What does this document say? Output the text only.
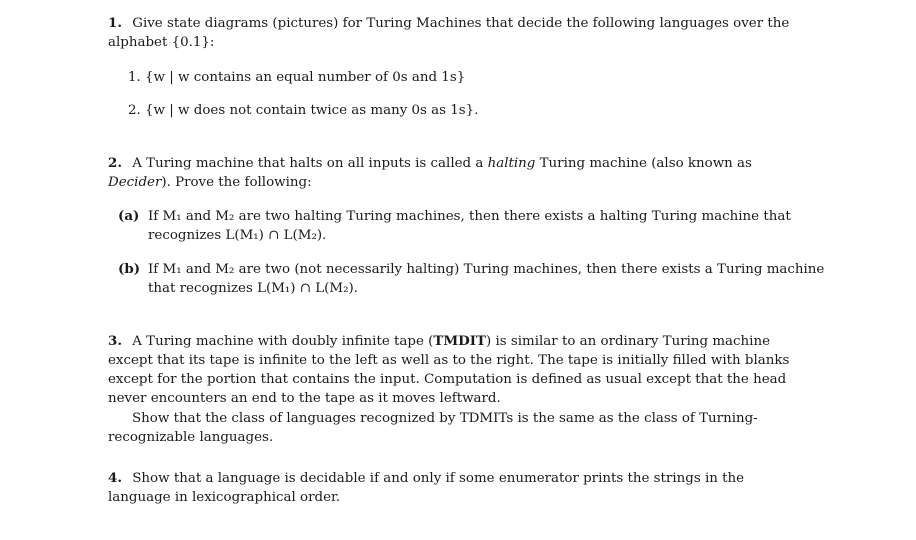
1. Give state diagrams (pictures) for Turing Machines that decide the following languages over the alphabet {0.1}:
1. {w | w contains an equal number of 0s and 1s}
2. {w | w does not contain twice as many 0s as 1s}.
2. A Turing machine that halts on all inputs is called a halting Turing machine (also known as Decider). Prove the following:
(a) If M₁ and M₂ are two halting Turing machines, then there exists a halting Turing machine that recognizes L(M₁) ∩ L(M₂).
(b) If M₁ and M₂ are two (not necessarily halting) Turing machines, then there exists a Turing machine that recognizes L(M₁) ∩ L(M₂).
3. A Turing machine with doubly infinite tape (TMDIT) is similar to an ordinary Turing machine except that its tape is infinite to the left as well as to the right. The tape is initially filled with blanks except for the portion that contains the input. Computation is defined as usual except that the head never encounters an end to the tape as it moves leftward.
Show that the class of languages recognized by TDMITs is the same as the class of Turning-recognizable languages.
4. Show that a language is decidable if and only if some enumerator prints the strings in the language in lexicographical order.
